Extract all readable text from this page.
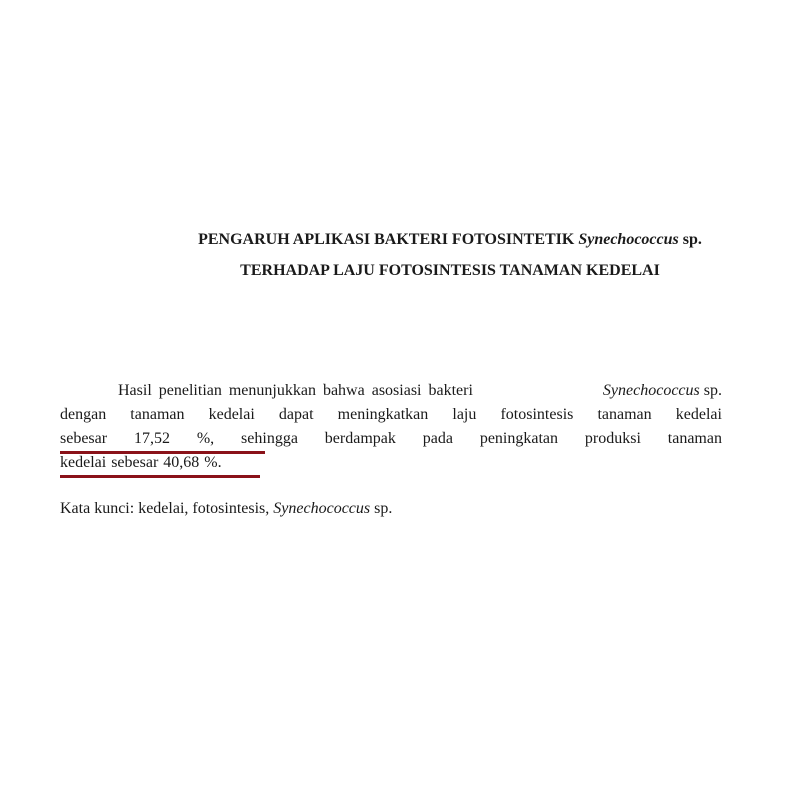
PENGARUH APLIKASI BAKTERI FOTOSINTETIK Synechococcus sp.
TERHADAP LAJU FOTOSINTESIS TANAMAN KEDELAI
Hasil penelitian menunjukkan bahwa asosiasi bakteri	Synechococcus sp.
dengan tanaman kedelai dapat meningkatkan laju fotosintesis tanaman kedelai
sebesar 17,52 %, sehingga berdampak pada peningkatan produksi tanaman
kedelai sebesar 40,68 %.
Kata kunci: kedelai, fotosintesis, Synechococcus sp.
